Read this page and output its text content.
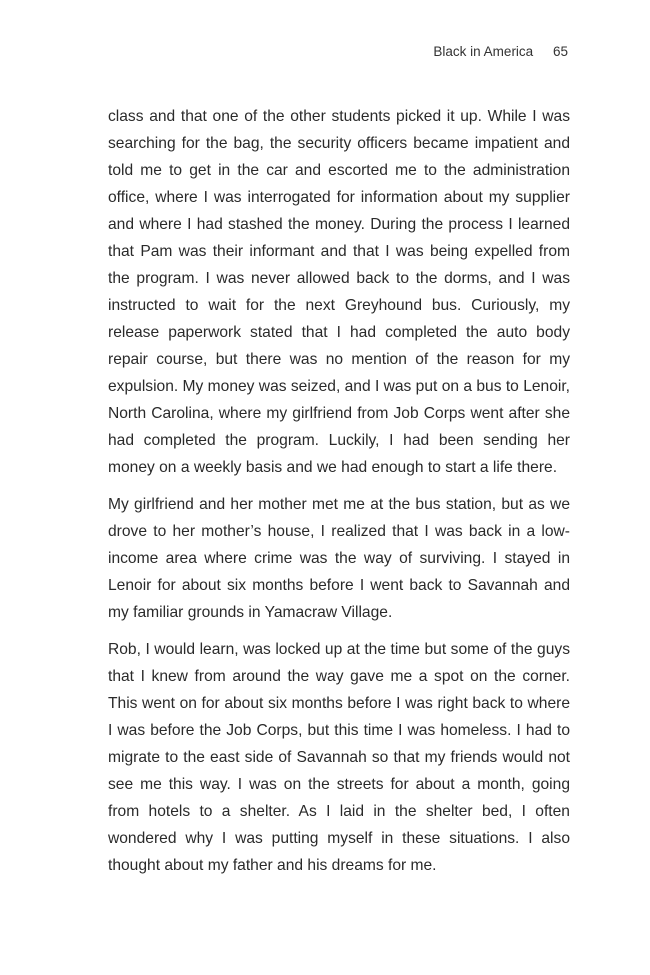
Black in America 65

class and that one of the other students picked it up. While I was searching for the bag, the security officers became impatient and told me to get in the car and escorted me to the administration office, where I was interrogated for information about my supplier and where I had stashed the money. During the process I learned that Pam was their informant and that I was being expelled from the program. I was never allowed back to the dorms, and I was instructed to wait for the next Greyhound bus. Curiously, my release paperwork stated that I had completed the auto body repair course, but there was no mention of the reason for my expulsion. My money was seized, and I was put on a bus to Lenoir, North Carolina, where my girlfriend from Job Corps went after she had completed the program. Luckily, I had been sending her money on a weekly basis and we had enough to start a life there.

My girlfriend and her mother met me at the bus station, but as we drove to her mother’s house, I realized that I was back in a low-income area where crime was the way of surviving. I stayed in Lenoir for about six months before I went back to Savannah and my familiar grounds in Yamacraw Village.

Rob, I would learn, was locked up at the time but some of the guys that I knew from around the way gave me a spot on the corner. This went on for about six months before I was right back to where I was before the Job Corps, but this time I was homeless. I had to migrate to the east side of Savannah so that my friends would not see me this way. I was on the streets for about a month, going from hotels to a shelter. As I laid in the shelter bed, I often wondered why I was putting myself in these situations. I also thought about my father and his dreams for me.
